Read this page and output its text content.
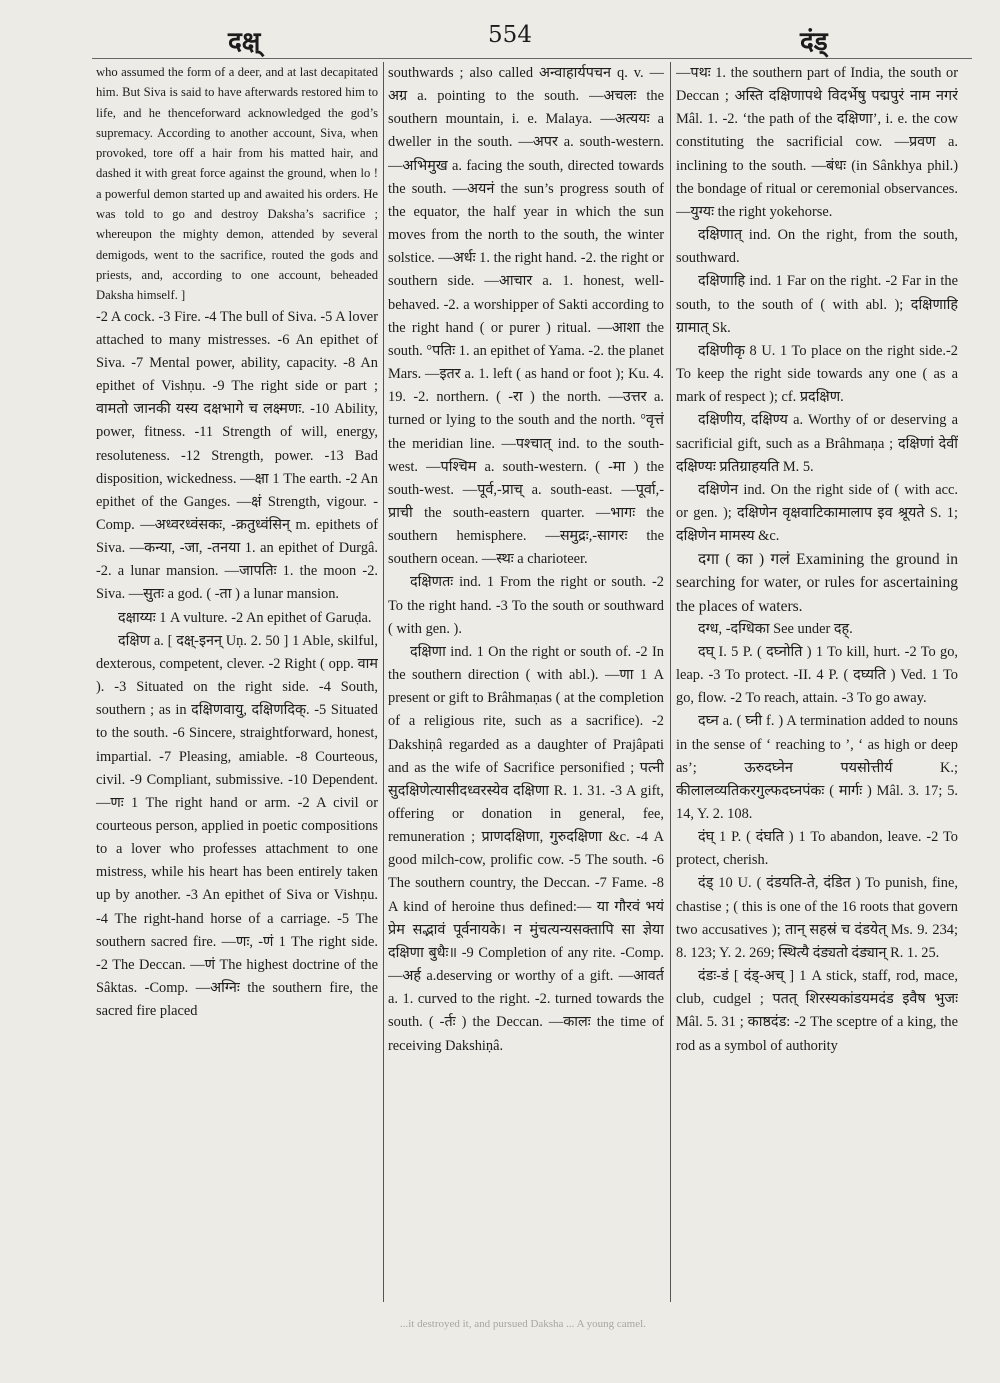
दक्ष्	554	दंड्

who assumed the form of a deer, and at last decapitated him. But Siva is said to have afterwards restored him to life, and he thenceforward acknowledged the god’s supremacy. According to another account, Siva, when provoked, tore off a hair from his matted hair, and dashed it with great force against the ground, when lo ! a powerful demon started up and awaited his orders. He was told to go and destroy Daksha’s sacrifice ; whereupon the mighty demon, attended by several demigods, went to the sacrifice, routed the gods and priests, and, according to one account, beheaded Daksha himself. ]

-2 A cock. -3 Fire. -4 The bull of Siva. -5 A lover attached to many mistresses. -6 An epithet of Siva. -7 Mental power, ability, capacity. -8 An epithet of Vishṇu. -9 The right side or part ; वामतो जानकी यस्य दक्षभागे च लक्ष्मणः. -10 Ability, power, fitness. -11 Strength of will, energy, resoluteness. -12 Strength, power. -13 Bad disposition, wickedness. —क्षा 1 The earth. -2 An epithet of the Ganges. —क्षं Strength, vigour. -Comp. —अध्वरध्वंसकः, -क्रतुध्वंसिन् m. epithets of Siva. —कन्या, -जा, -तनया 1. an epithet of Durgâ. -2. a lunar mansion. —जापतिः 1. the moon -2. Siva. —सुतः a god. ( -ता ) a lunar mansion.

दक्षाय्यः 1 A vulture. -2 An epithet of Garuḍa.

दक्षिण a. [ दक्ष्-इनन् Uṇ. 2. 50 ] 1 Able, skilful, dexterous, competent, clever. -2 Right ( opp. वाम ). -3 Situated on the right side. -4 South, southern ; as in दक्षिणवायु, दक्षिणदिक्. -5 Situated to the south. -6 Sincere, straightforward, honest, impartial. -7 Pleasing, amiable. -8 Courteous, civil. -9 Compliant, submissive. -10 Dependent. —णः 1 The right hand or arm. -2 A civil or courteous person, applied in poetic compositions to a lover who professes attachment to one mistress, while his heart has been entirely taken up by another. -3 An epithet of Siva or Vishṇu. -4 The right-hand horse of a carriage. -5 The southern sacred fire. —णः, -णं 1 The right side. -2 The Deccan. —णं The highest doctrine of the Sâktas. -Comp. —अग्निः the southern fire, the sacred fire placed

southwards ; also called अन्वाहार्यपचन q. v. —अग्र a. pointing to the south. —अचलः the southern mountain, i. e. Malaya. —अत्ययः a dweller in the south. —अपर a. south-western. —अभिमुख a. facing the south, directed towards the south. —अयनं the sun’s progress south of the equator, the half year in which the sun moves from the north to the south, the winter solstice. —अर्धः 1. the right hand. -2. the right or southern side. —आचार a. 1. honest, well-behaved. -2. a worshipper of Sakti according to the right hand ( or purer ) ritual. —आशा the south. °पतिः 1. an epithet of Yama. -2. the planet Mars. —इतर a. 1. left ( as hand or foot ); Ku. 4. 19. -2. northern. ( -रा ) the north. —उत्तर a. turned or lying to the south and the north. °वृत्तं the meridian line. —पश्चात् ind. to the south-west. —पश्चिम a. south-western. ( -मा ) the south-west. —पूर्व,-प्राच् a. south-east. —पूर्वा,-प्राची the south-eastern quarter. —भागः the southern hemisphere. —समुद्रः,-सागरः the southern ocean. —स्थः a charioteer.

दक्षिणतः ind. 1 From the right or south. -2 To the right hand. -3 To the south or southward ( with gen. ).

दक्षिणा ind. 1 On the right or south of. -2 In the southern direction ( with abl.). —णा 1 A present or gift to Brâhmaṇas ( at the completion of a religious rite, such as a sacrifice). -2 Dakshiṇâ regarded as a daughter of Prajâpati and as the wife of Sacrifice personified ; पत्नी सुदक्षिणेत्यासीदध्वरस्येव दक्षिणा R. 1. 31. -3 A gift, offering or donation in general, fee, remuneration ; प्राणदक्षिणा, गुरुदक्षिणा &c. -4 A good milch-cow, prolific cow. -5 The south. -6 The southern country, the Deccan. -7 Fame. -8 A kind of heroine thus defined:— या गौरवं भयं प्रेम सद्भावं पूर्वनायके। न मुंचत्यन्यसक्तापि सा ज्ञेया दक्षिणा बुधैः॥ -9 Completion of any rite. -Comp. —अर्ह a.deserving or worthy of a gift. —आवर्त a. 1. curved to the right. -2. turned towards the south. ( -र्तः ) the Deccan. —कालः the time of receiving Dakshiṇâ.

—पथः 1. the southern part of India, the south or Deccan ; अस्ति दक्षिणापथे विदर्भेषु पद्मपुरं नाम नगरं Mâl. 1. -2. ‘the path of the दक्षिणा’, i. e. the cow constituting the sacrificial cow. —प्रवण a. inclining to the south. —बंधः (in Sânkhya phil.) the bondage of ritual or ceremonial observances. —युग्यः the right yokehorse.

दक्षिणात् ind. On the right, from the south, southward.

दक्षिणाहि ind. 1 Far on the right. -2 Far in the south, to the south of ( with abl. ); दक्षिणाहि ग्रामात् Sk.

दक्षिणीकृ 8 U. 1 To place on the right side.-2 To keep the right side towards any one ( as a mark of respect ); cf. प्रदक्षिण.

दक्षिणीय, दक्षिण्य a. Worthy of or deserving a sacrificial gift, such as a Brâhmaṇa ; दक्षिणां देवीं दक्षिण्यः प्रतिग्राहयति M. 5.

दक्षिणेन ind. On the right side of ( with acc. or gen. ); दक्षिणेन वृक्षवाटिकामालाप इव श्रूयते S. 1; दक्षिणेन मामस्य &c.

दगा ( का ) गलं Examining the ground in searching for water, or rules for ascertaining the places of waters.

दग्ध, -दग्धिका See under दह्.

दघ् I. 5 P. ( दघ्नोति ) 1 To kill, hurt. -2 To go, leap. -3 To protect. -II. 4 P. ( दघ्यति ) Ved. 1 To go, flow. -2 To reach, attain. -3 To go away.

दघ्न a. ( घ्नी f. ) A termination added to nouns in the sense of ‘ reaching to ’, ‘ as high or deep as’; ऊरुदघ्नेन पयसोत्तीर्य K.; कीलालव्यतिकरगुल्फदघ्नपंकः ( मार्गः ) Mâl. 3. 17; 5. 14, Y. 2. 108.

दंघ् 1 P. ( दंघति ) 1 To abandon, leave. -2 To protect, cherish.

दंड् 10 U. ( दंडयति-ते, दंडित ) To punish, fine, chastise ; ( this is one of the 16 roots that govern two accusatives ); तान् सहस्रं च दंडयेत् Ms. 9. 234; 8. 123; Y. 2. 269; स्थित्यै दंड्यतो दंड्यान् R. 1. 25.

दंडः-डं [ दंड्-अच् ] 1 A stick, staff, rod, mace, club, cudgel ; पतत् शिरस्यकांडयमदंड इवैष भुजः Mâl. 5. 31 ; काष्ठदंड: -2 The sceptre of a king, the rod as a symbol of authority

...it destroyed it, and pursued Daksha ... A young camel.
